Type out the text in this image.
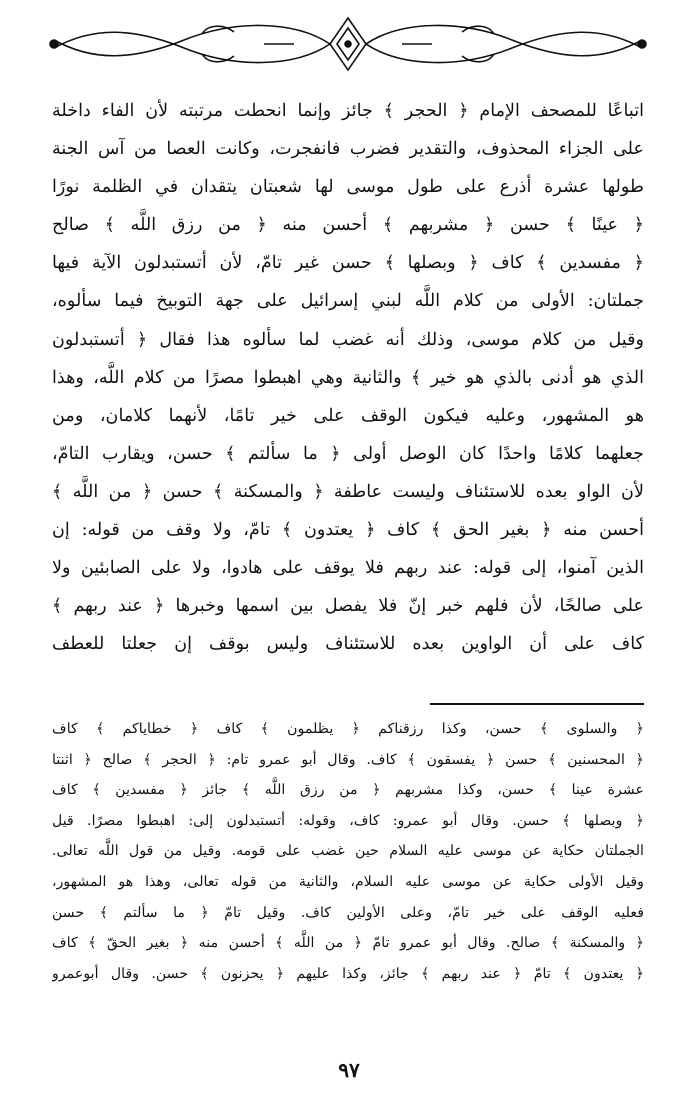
اتباعًا للمصحف الإمام ﴿ الحجر ﴾ جائز وإنما انحطت مرتبته لأن الفاء داخلة
على الجزاء المحذوف، والتقدير فضرب فانفجرت، وكانت العصا من آس الجنة
طولها عشرة أذرع على طول موسى لها شعبتان يتقدان في الظلمة نورًا
﴿ عينًا ﴾ حسن ﴿ مشربهم ﴾ أحسن منه ﴿ من رزق اللَّه ﴾ صالح
﴿ مفسدين ﴾ كاف ﴿ وبصلها ﴾ حسن غير تامّ، لأن أتستبدلون الآية فيها
جملتان: الأولى من كلام اللَّه لبني إسرائيل على جهة التوبيخ فيما سألوه،
وقيل من كلام موسى، وذلك أنه غضب لما سألوه هذا فقال ﴿ أتستبدلون
الذي هو أدنى بالذي هو خير ﴾ والثانية وهي اهبطوا مصرًا من كلام اللَّه، وهذا
هو المشهور، وعليه فيكون الوقف على خير تامًا، لأنهما كلامان، ومن
جعلهما كلامًا واحدًا كان الوصل أولى ﴿ ما سألتم ﴾ حسن، ويقارب التامّ،
لأن الواو بعده للاستئناف وليست عاطفة ﴿ والمسكنة ﴾ حسن ﴿ من اللَّه ﴾
أحسن منه ﴿ بغير الحق ﴾ كاف ﴿ يعتدون ﴾ تامّ، ولا وقف من قوله: إن
الذين آمنوا، إلى قوله: عند ربهم فلا يوقف على هادوا، ولا على الصابئين ولا
على صالحًا، لأن فلهم خبر إنّ فلا يفصل بين اسمها وخبرها ﴿ عند ربهم ﴾
كاف على أن الواوين بعده للاستئناف وليس بوقف إن جعلتا للعطف
﴿ والسلوى ﴾ حسن، وكذا رزقناكم ﴿ يظلمون ﴾ كاف ﴿ خطاياكم ﴾ كاف
﴿ المحسنين ﴾ حسن ﴿ يفسقون ﴾ كاف. وقال أبو عمرو تام: ﴿ الحجر ﴾ صالح ﴿ اثنتا
عشرة عينا ﴾ حسن، وكذا مشربهم ﴿ من رزق اللَّه ﴾ جائز ﴿ مفسدين ﴾ كاف
﴿ وبصلها ﴾ حسن. وقال أبو عمرو: كاف، وقوله: أتستبدلون إلى: اهبطوا مصرًا. قيل
الجملتان حكاية عن موسى عليه السلام حين غضب على قومه. وقيل من قول اللَّه تعالى.
وقيل الأولى حكاية عن موسى عليه السلام، والثانية من قوله تعالى، وهذا هو المشهور،
فعليه الوقف على خير تامّ، وعلى الأولين كاف. وقيل تامّ ﴿ ما سألتم ﴾ حسن
﴿ والمسكنة ﴾ صالح. وقال أبو عمرو تامّ ﴿ من اللَّه ﴾ أحسن منه ﴿ بغير الحقّ ﴾ كاف
﴿ يعتدون ﴾ تامّ ﴿ عند ربهم ﴾ جائز، وكذا عليهم ﴿ يحزنون ﴾ حسن. وقال أبوعمرو
٩٧
